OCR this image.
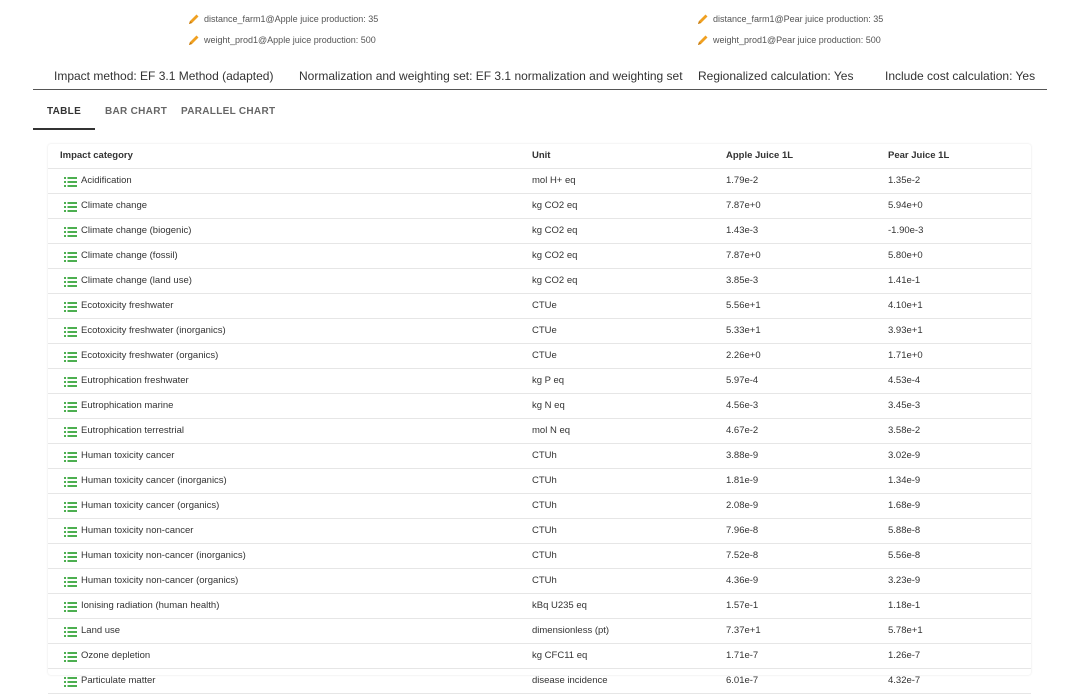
distance_farm1@Apple juice production: 35
weight_prod1@Apple juice production: 500
distance_farm1@Pear juice production: 35
weight_prod1@Pear juice production: 500
Impact method: EF 3.1 Method (adapted) Normalization and weighting set: EF 3.1 normalization and weighting set Regionalized calculation: Yes	Include cost calculation: Yes
TABLE	BAR CHART PARALLEL CHART
Impact category	Unit	Apple Juice 1L	Pear Juice 1L
Acidification	mol H+ eq	1.79e-2	1.35e-2
Climate change	kg CO2 eq	7.87e+0	5.94e+0
Climate change (biogenic)	kg CO2 eq	1.43e-3	-1.90e-3
Climate change (fossil)	kg CO2 eq	7.87e+0	5.80e+0
Climate change (land use)	kg CO2 eq	3.85e-3	1.41e-1
Ecotoxicity freshwater	CTUe	5.56e+1	4.10e+1
Ecotoxicity freshwater (inorganics)	CTUe	5.33e+1	3.93e+1
Ecotoxicity freshwater (organics)	CTUe	2.26e+0	1.71e+0
Eutrophication freshwater	kg P eq	5.97e-4	4.53e-4
Eutrophication marine	kg N eq	4.56e-3	3.45e-3
Eutrophication terrestrial	mol N eq	4.67e-2	3.58e-2
Human toxicity cancer	CTUh	3.88e-9	3.02e-9
Human toxicity cancer (inorganics)	CTUh	1.81e-9	1.34e-9
Human toxicity cancer (organics)	CTUh	2.08e-9	1.68e-9
Human toxicity non-cancer	CTUh	7.96e-8	5.88e-8
Human toxicity non-cancer (inorganics)	CTUh	7.52e-8	5.56e-8
Human toxicity non-cancer (organics)	CTUh	4.36e-9	3.23e-9
Ionising radiation (human health)	kBq U235 eq	1.57e-1	1.18e-1
Land use	dimensionless (pt)	7.37e+1	5.78e+1
Ozone depletion	kg CFC11 eq	1.71e-7	1.26e-7
Particulate matter	disease incidence	6.01e-7	4.32e-7
